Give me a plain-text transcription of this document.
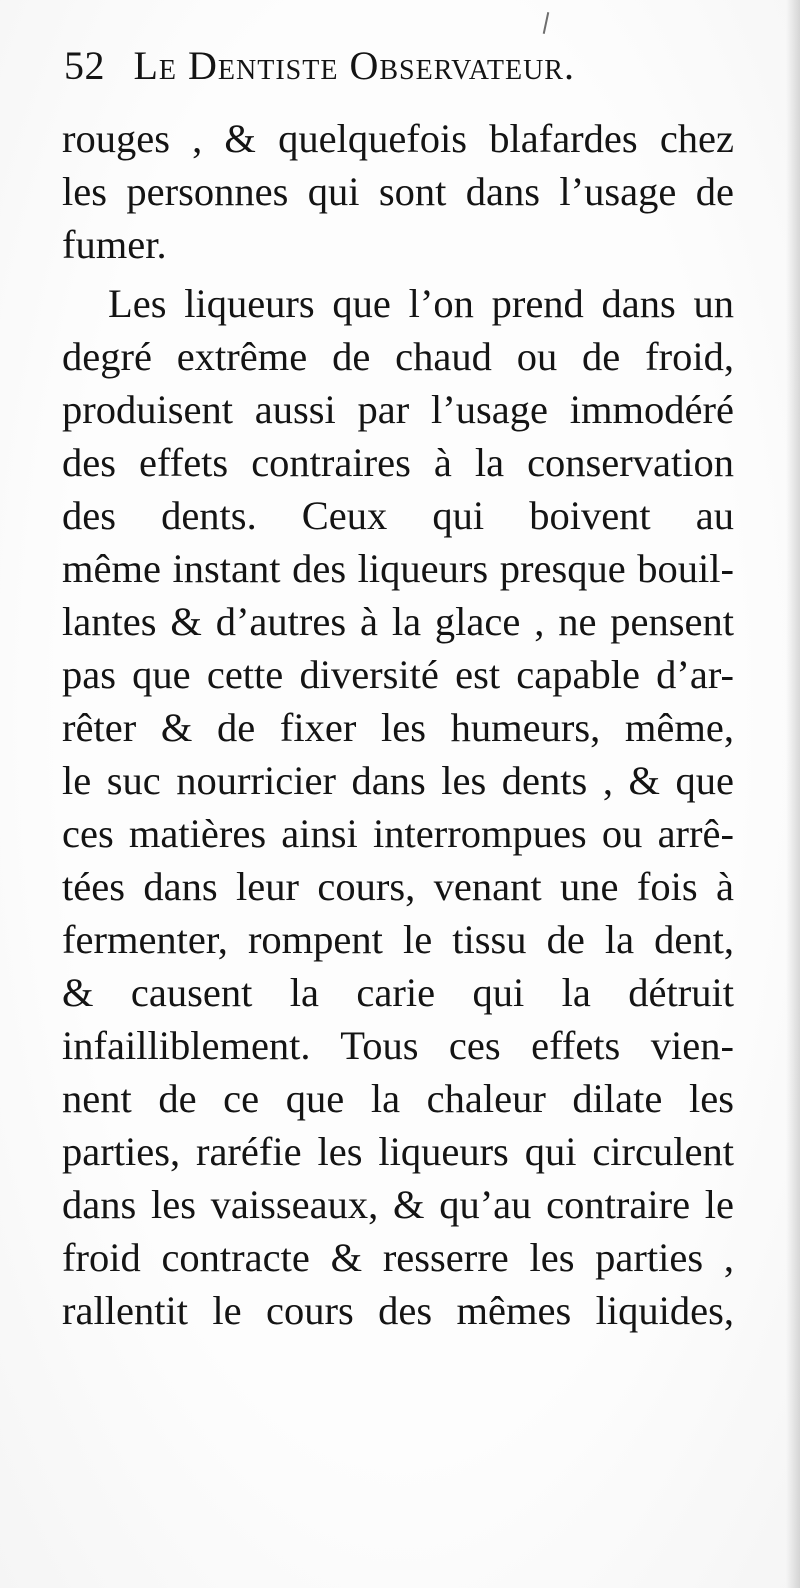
52 Le Dentiste Observateur.
rouges , & quelquefois blafardes chez
les personnes qui sont dans l’usage de
fumer.
Les liqueurs que l’on prend dans un
degré extrême de chaud ou de froid,
produisent aussi par l’usage immodéré
des effets contraires à la conservation
des dents. Ceux qui boivent au
même instant des liqueurs presque bouil-
lantes & d’autres à la glace , ne pensent
pas que cette diversité est capable d’ar-
rêter & de fixer les humeurs, même,
le suc nourricier dans les dents , & que
ces matières ainsi interrompues ou arrê-
tées dans leur cours, venant une fois à
fermenter, rompent le tissu de la dent,
& causent la carie qui la détruit
infailliblement. Tous ces effets vien-
nent de ce que la chaleur dilate les
parties, raréfie les liqueurs qui circulent
dans les vaisseaux, & qu’au contraire le
froid contracte & resserre les parties ,
rallentit le cours des mêmes liquides,
